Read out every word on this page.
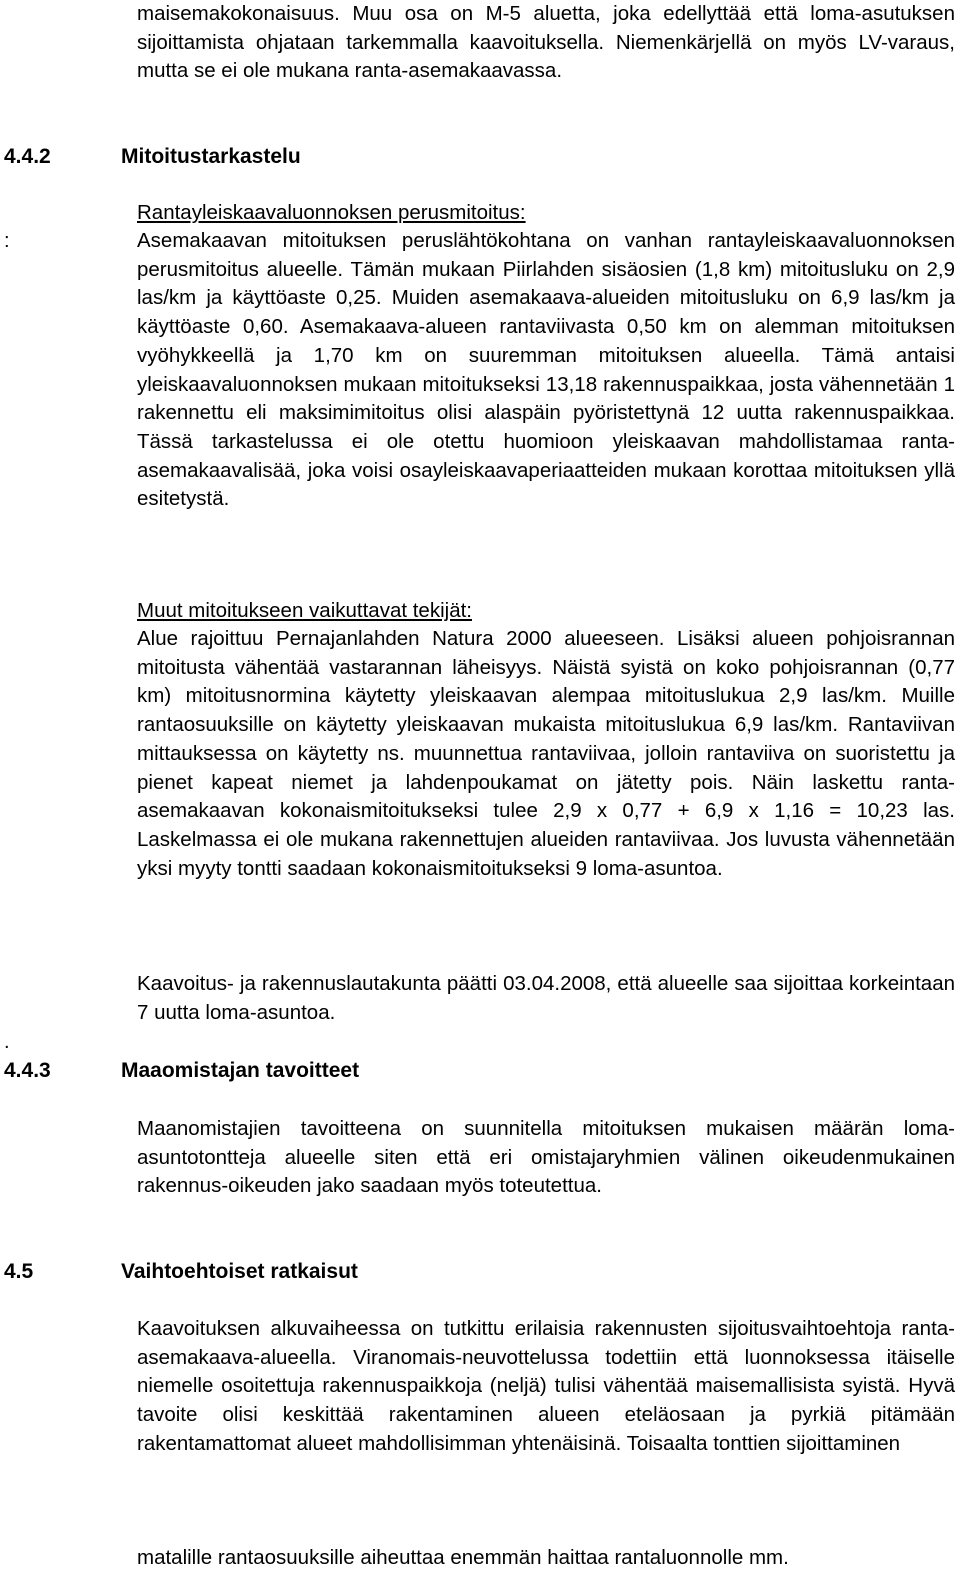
maisemakokonaisuus. Muu osa on M-5 aluetta, joka edellyttää että loma-asutuksen sijoittamista ohjataan tarkemmalla kaavoituksella. Niemenkärjellä on myös LV-varaus, mutta se ei ole mukana ranta-asemakaavassa.

4.4.2	Mitoitustarkastelu
Rantayleiskaavaluonnoksen perusmitoitus:
:	Asemakaavan mitoituksen peruslähtökohtana on vanhan rantayleiskaavaluonnoksen perusmitoitus alueelle. Tämän mukaan Piirlahden sisäosien (1,8 km) mitoitusluku on 2,9 las/km ja käyttöaste 0,25. Muiden asemakaava-alueiden mitoitusluku on 6,9 las/km ja käyttöaste 0,60. Asemakaava-alueen rantaviivasta 0,50 km on alemman mitoituksen vyöhykkeellä ja 1,70 km on suuremman mitoituksen alueella. Tämä antaisi yleiskaavaluonnoksen mukaan mitoitukseksi 13,18 rakennuspaikkaa, josta vähennetään 1 rakennettu eli maksimimitoitus olisi alaspäin pyöristettynä 12 uutta rakennuspaikkaa. Tässä tarkastelussa ei ole otettu huomioon yleiskaavan mahdollistamaa ranta-asemakaavalisää, joka voisi osayleiskaavaperiaatteiden mukaan korottaa mitoituksen yllä esitetystä.

Muut mitoitukseen vaikuttavat tekijät:

Alue rajoittuu Pernajanlahden Natura 2000 alueeseen. Lisäksi alueen pohjoisrannan mitoitusta vähentää vastarannan läheisyys. Näistä syistä on koko pohjoisrannan (0,77 km) mitoitusnormina käytetty yleiskaavan alempaa mitoituslukua 2,9 las/km. Muille rantaosuuksille on käytetty yleiskaavan mukaista mitoituslukua 6,9 las/km. Rantaviivan mittauksessa on käytetty ns. muunnettua rantaviivaa, jolloin rantaviiva on suoristettu ja pienet kapeat niemet ja lahdenpoukamat on jätetty pois. Näin laskettu ranta-asemakaavan kokonaismitoitukseksi tulee 2,9 x 0,77 + 6,9 x 1,16 = 10,23 las. Laskelmassa ei ole mukana rakennettujen alueiden rantaviivaa. Jos luvusta vähennetään yksi myyty tontti saadaan kokonaismitoitukseksi 9 loma-asuntoa.

Kaavoitus- ja rakennuslautakunta päätti 03.04.2008, että alueelle saa sijoittaa korkeintaan 7 uutta loma-asuntoa.

.
4.4.3	Maaomistajan tavoitteet

Maanomistajien tavoitteena on suunnitella mitoituksen mukaisen määrän loma-asuntotontteja alueelle siten että eri omistajaryhmien välinen oikeudenmukainen rakennus-oikeuden jako saadaan myös toteutettua.

4.5	Vaihtoehtoiset ratkaisut

Kaavoituksen alkuvaiheessa on tutkittu erilaisia rakennusten sijoitusvaihtoehtoja ranta-asemakaava-alueella. Viranomais-neuvottelussa todettiin että luonnoksessa itäiselle niemelle osoitettuja rakennuspaikkoja (neljä) tulisi vähentää maisemallisista syistä. Hyvä tavoite olisi keskittää rakentaminen alueen eteläosaan ja pyrkiä pitämään rakentamattomat alueet mahdollisimman yhtenäisinä. Toisaalta tonttien sijoittaminen

matalille rantaosuuksille aiheuttaa enemmän haittaa rantaluonnolle mm.
